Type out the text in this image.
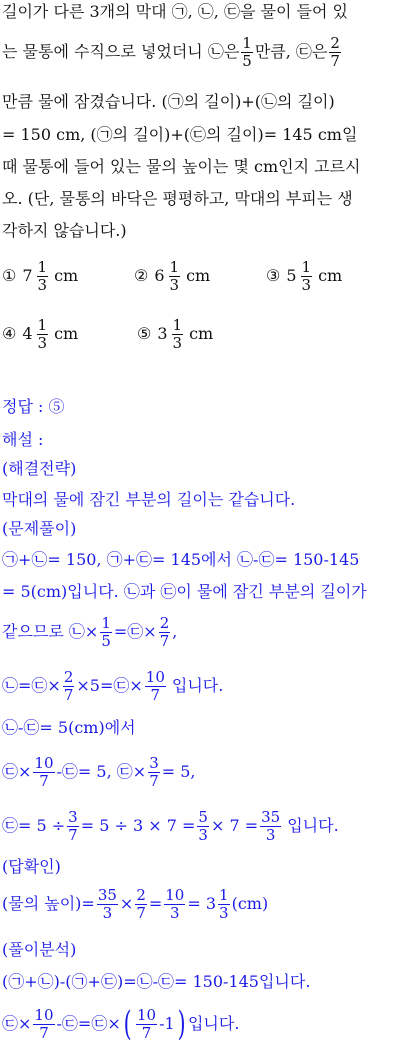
길이가 다른 3개의 막대 ㉠, ㉡, ㉢을 물이 들어 있
는 물통에 수직으로 넣었더니 ㉡은 $\frac{1}{5}$ 만큼, ㉢은 $\frac{2}{7}$
만큼 물에 잠겼습니다. (㉠의 길이)+(㉡의 길이)
= 150 cm, (㉠의 길이)+(㉢의 길이)= 145 cm일
때 물통에 들어 있는 물의 높이는 몇 cm인지 고르시
오. (단, 물통의 바닥은 평평하고, 막대의 부피는 생
각하지 않습니다.)
① $7 \frac{1}{3}$ cm	② $6 \frac{1}{3}$ cm	③ $5 \frac{1}{3}$ cm
④ $4 \frac{1}{3}$ cm	⑤ $3 \frac{1}{3}$ cm
정답 : ⑤
해설 :
(해결전략)
막대의 물에 잠긴 부분의 길이는 같습니다.
(문제풀이)
㉠+㉡= 150, ㉠+㉢= 145에서 ㉡-㉢= 150-145
= 5(cm)입니다. ㉡과 ㉢이 물에 잠긴 부분의 길이가
같으므로 ㉡× $\frac{1}{5}$ =㉢× $\frac{2}{7}$ ,
㉡=㉢× $\frac{2}{7}$ ×5=㉢× $\frac{10}{7}$ 입니다.
㉡-㉢= 5(cm)에서
㉢× $\frac{10}{7}$ -㉢= 5, ㉢× $\frac{3}{7} = 5$,
㉢= $5 \div \frac{3}{7} = 5 \div 3 \times 7 = \frac{5}{3} \times 7 = \frac{35}{3}$ 입니다.
(답확인)
(물의 높이)= $\frac{35}{3} \times \frac{2}{7} = \frac{10}{3} = 3 \frac{1}{3} (cm)$
(풀이분석)
(㉠+㉡)-(㉠+㉢)=㉡-㉢= 150-145입니다.
㉢× $\frac{10}{7}$ -㉢=㉢× ( $\frac{10}{7} -1$ ) 입니다.
